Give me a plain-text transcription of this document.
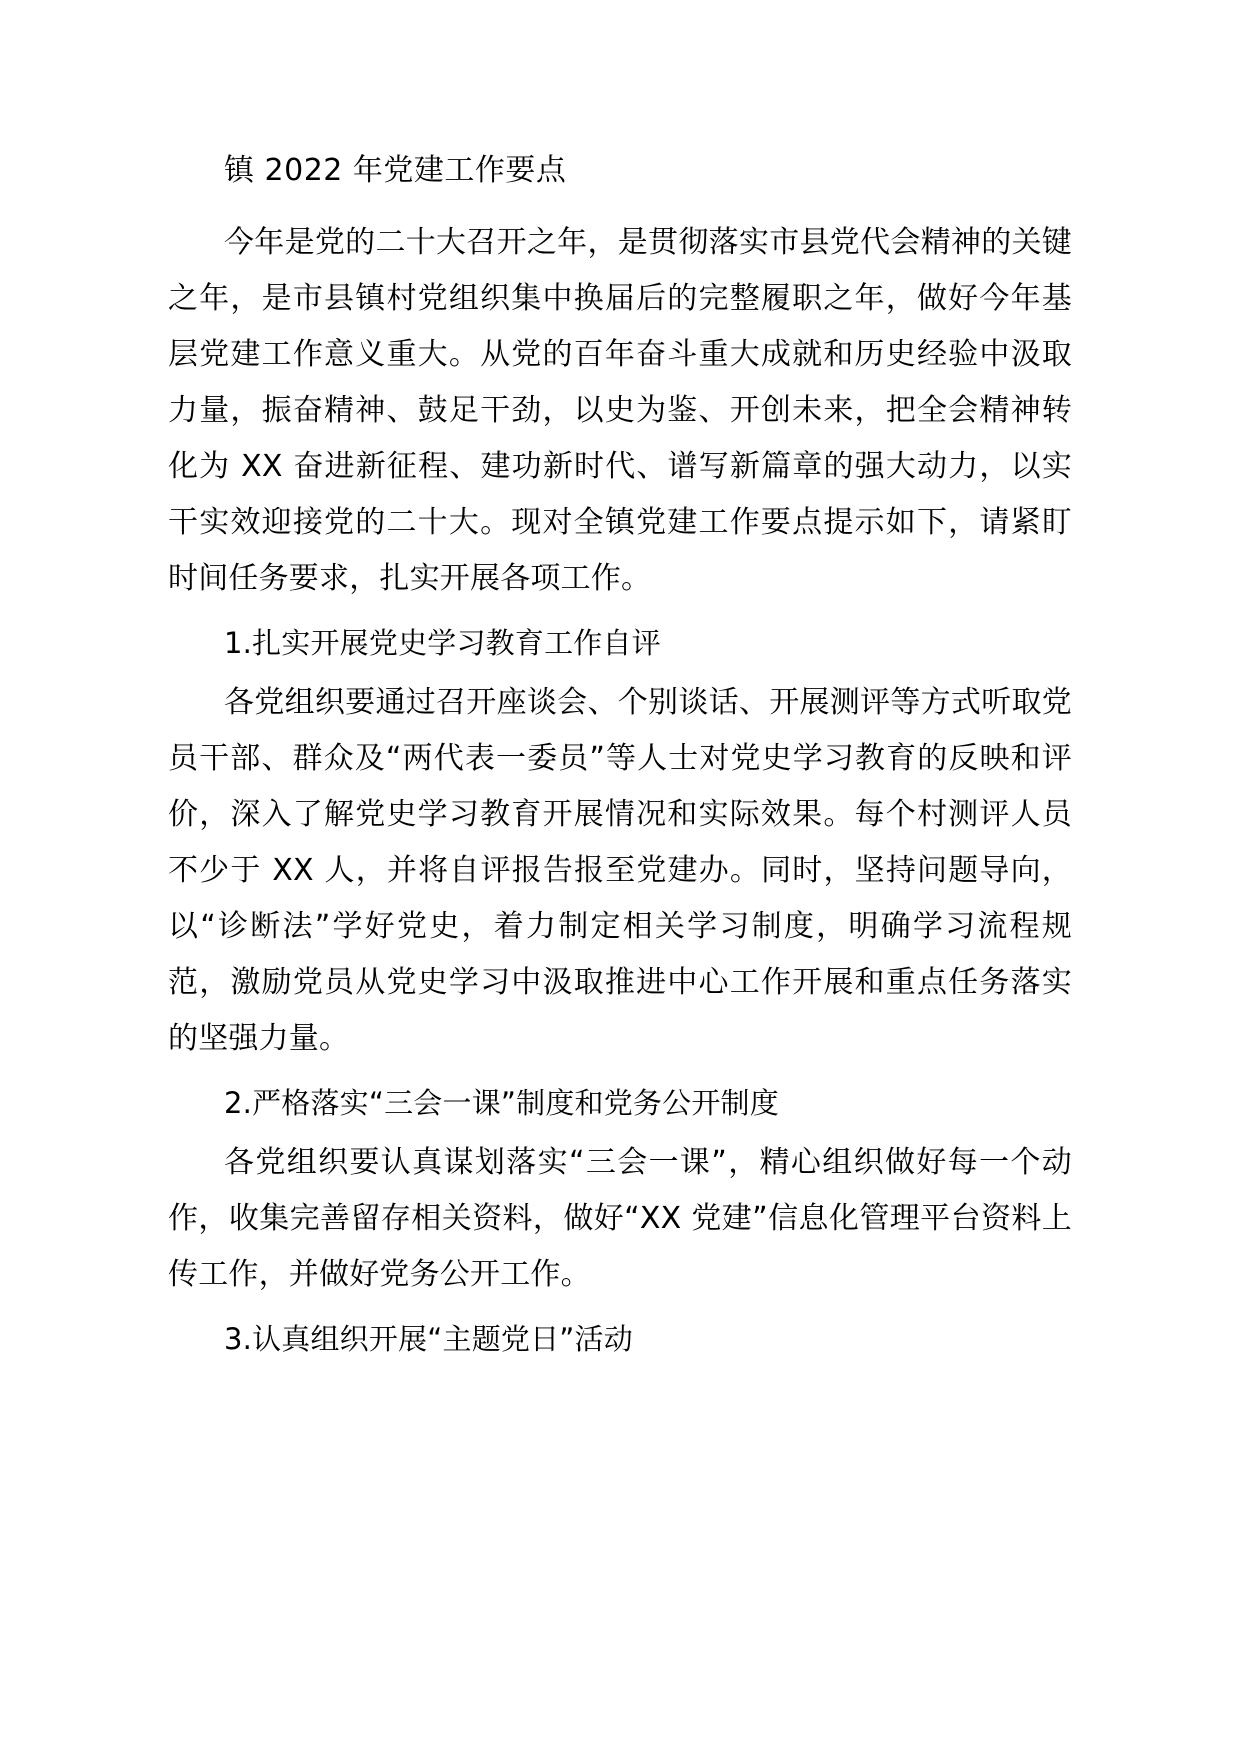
镇 2022 年党建工作要点

今年是党的二十大召开之年，是贯彻落实市县党代会精神的关键之年，是市县镇村党组织集中换届后的完整履职之年，做好今年基层党建工作意义重大。从党的百年奋斗重大成就和历史经验中汲取力量，振奋精神、鼓足干劲，以史为鉴、开创未来，把全会精神转化为 XX 奋进新征程、建功新时代、谱写新篇章的强大动力，以实干实效迎接党的二十大。现对全镇党建工作要点提示如下，请紧盯时间任务要求，扎实开展各项工作。

1.扎实开展党史学习教育工作自评

各党组织要通过召开座谈会、个别谈话、开展测评等方式听取党员干部、群众及“两代表一委员”等人士对党史学习教育的反映和评价，深入了解党史学习教育开展情况和实际效果。每个村测评人员不少于 XX 人，并将自评报告报至党建办。同时，坚持问题导向，以“诊断法”学好党史，着力制定相关学习制度，明确学习流程规范，激励党员从党史学习中汲取推进中心工作开展和重点任务落实的坚强力量。

2.严格落实“三会一课”制度和党务公开制度

各党组织要认真谋划落实“三会一课”，精心组织做好每一个动作，收集完善留存相关资料，做好“XX 党建”信息化管理平台资料上传工作，并做好党务公开工作。

3.认真组织开展“主题党日”活动
